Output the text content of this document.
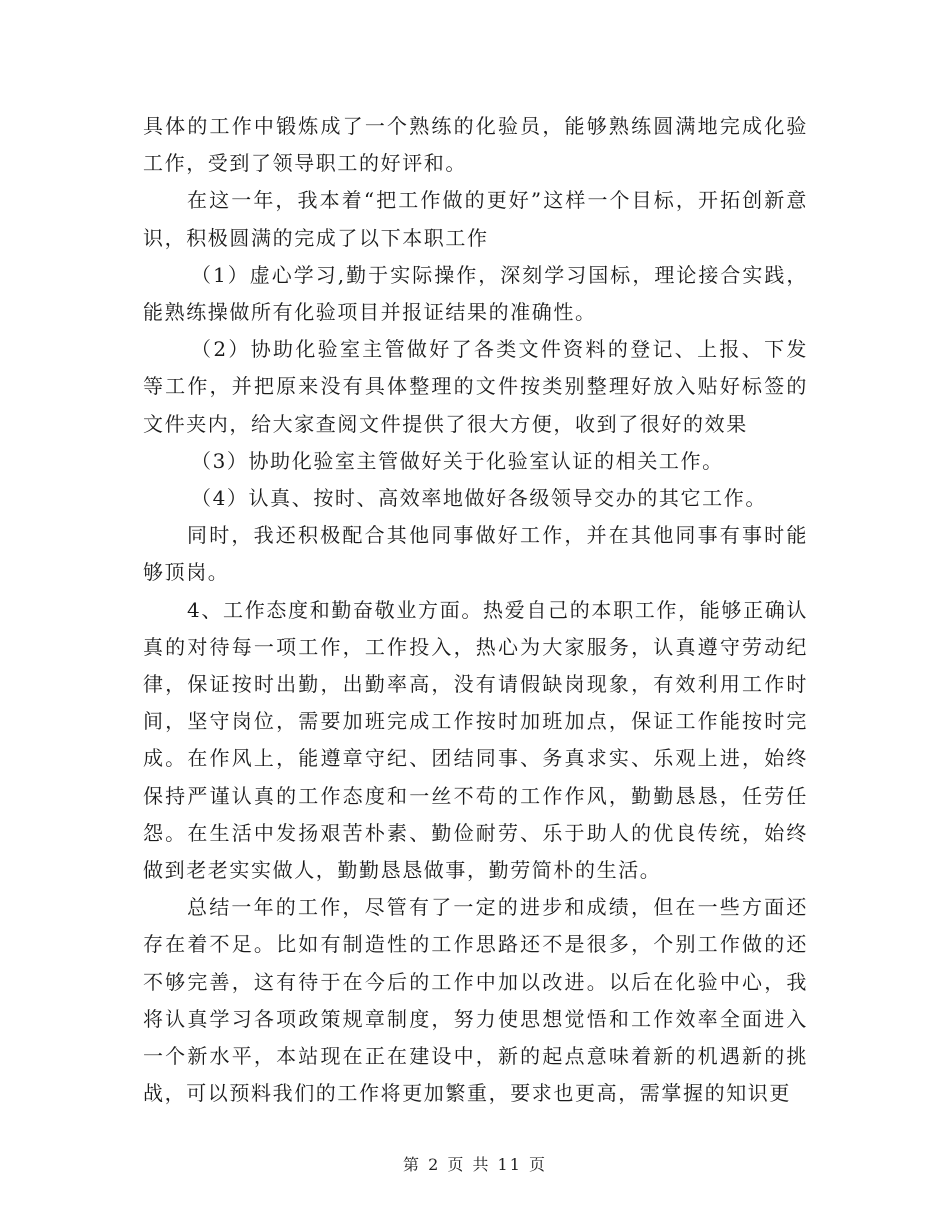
具体的工作中锻炼成了一个熟练的化验员，能够熟练圆满地完成化验工作，受到了领导职工的好评和。

在这一年，我本着“把工作做的更好”这样一个目标，开拓创新意识，积极圆满的完成了以下本职工作

（1）虚心学习,勤于实际操作，深刻学习国标，理论接合实践，能熟练操做所有化验项目并报证结果的准确性。

（2）协助化验室主管做好了各类文件资料的登记、上报、下发等工作，并把原来没有具体整理的文件按类别整理好放入贴好标签的文件夹内，给大家查阅文件提供了很大方便，收到了很好的效果

（3）协助化验室主管做好关于化验室认证的相关工作。

（4）认真、按时、高效率地做好各级领导交办的其它工作。

同时，我还积极配合其他同事做好工作，并在其他同事有事时能够顶岗。

4、工作态度和勤奋敬业方面。热爱自己的本职工作，能够正确认真的对待每一项工作，工作投入，热心为大家服务，认真遵守劳动纪律，保证按时出勤，出勤率高，没有请假缺岗现象，有效利用工作时间，坚守岗位，需要加班完成工作按时加班加点，保证工作能按时完成。在作风上，能遵章守纪、团结同事、务真求实、乐观上进，始终保持严谨认真的工作态度和一丝不苟的工作作风，勤勤恳恳，任劳任怨。在生活中发扬艰苦朴素、勤俭耐劳、乐于助人的优良传统，始终做到老老实实做人，勤勤恳恳做事，勤劳简朴的生活。

总结一年的工作，尽管有了一定的进步和成绩，但在一些方面还存在着不足。比如有制造性的工作思路还不是很多，个别工作做的还不够完善，这有待于在今后的工作中加以改进。以后在化验中心，我将认真学习各项政策规章制度，努力使思想觉悟和工作效率全面进入一个新水平，本站现在正在建设中，新的起点意味着新的机遇新的挑战，可以预料我们的工作将更加繁重，要求也更高，需掌握的知识更

第 2 页 共 11 页
